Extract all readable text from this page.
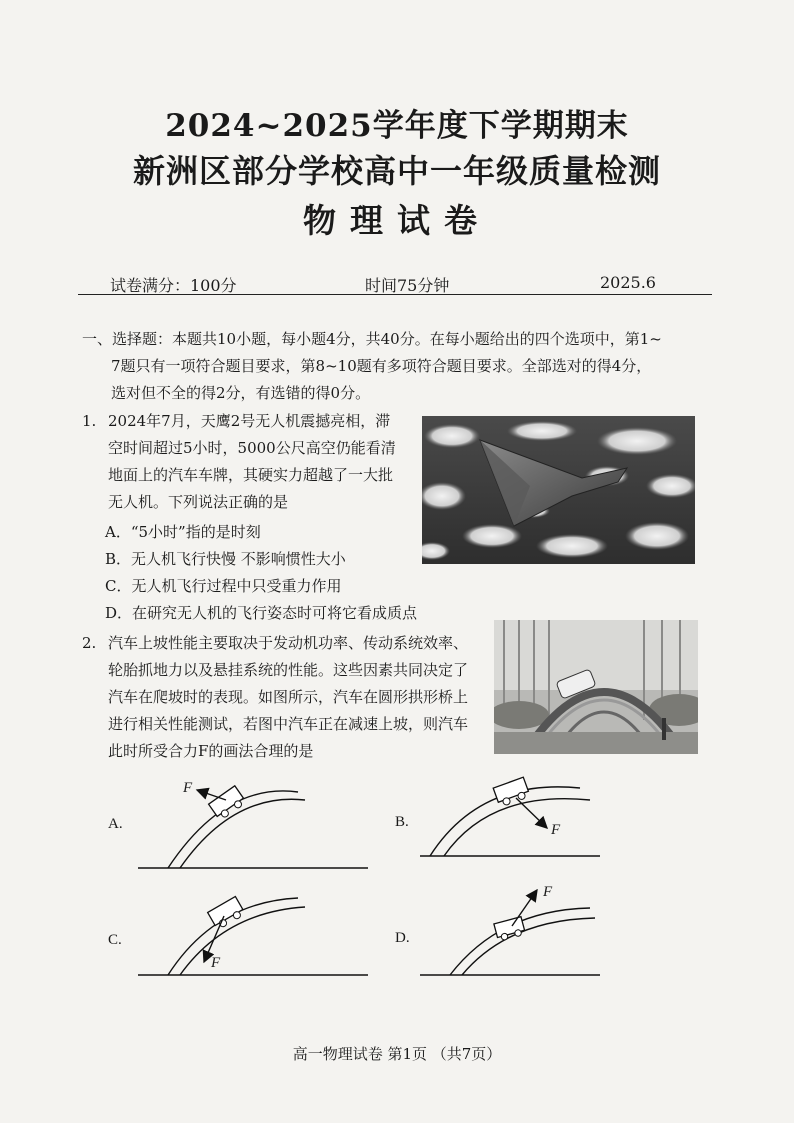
2024~2025学年度下学期期末
新洲区部分学校高中一年级质量检测
物理试卷
试卷满分：100分	时间75分钟	2025.6
一、选择题：本题共10小题，每小题4分，共40分。在每小题给出的四个选项中，第1~
7题只有一项符合题目要求，第8~10题有多项符合题目要求。全部选对的得4分，
选对但不全的得2分，有选错的得0分。
1. 2024年7月，天鹰2号无人机震撼亮相，滞
空时间超过5小时，5000公尺高空仍能看清
地面上的汽车车牌，其硬实力超越了一大批
无人机。下列说法正确的是
A．“5小时”指的是时刻
B．无人机飞行快慢 不影响惯性大小
C．无人机飞行过程中只受重力作用
D．在研究无人机的飞行姿态时可将它看成质点
2. 汽车上坡性能主要取决于发动机功率、传动系统效率、
轮胎抓地力以及悬挂系统的性能。这些因素共同决定了
汽车在爬坡时的表现。如图所示，汽车在圆形拱形桥上
进行相关性能测试，若图中汽车正在减速上坡，则汽车
此时所受合力F的画法合理的是
A.	B.
C.	D.
F
F
F
F
高一物理试卷 第1页 （共7页）
